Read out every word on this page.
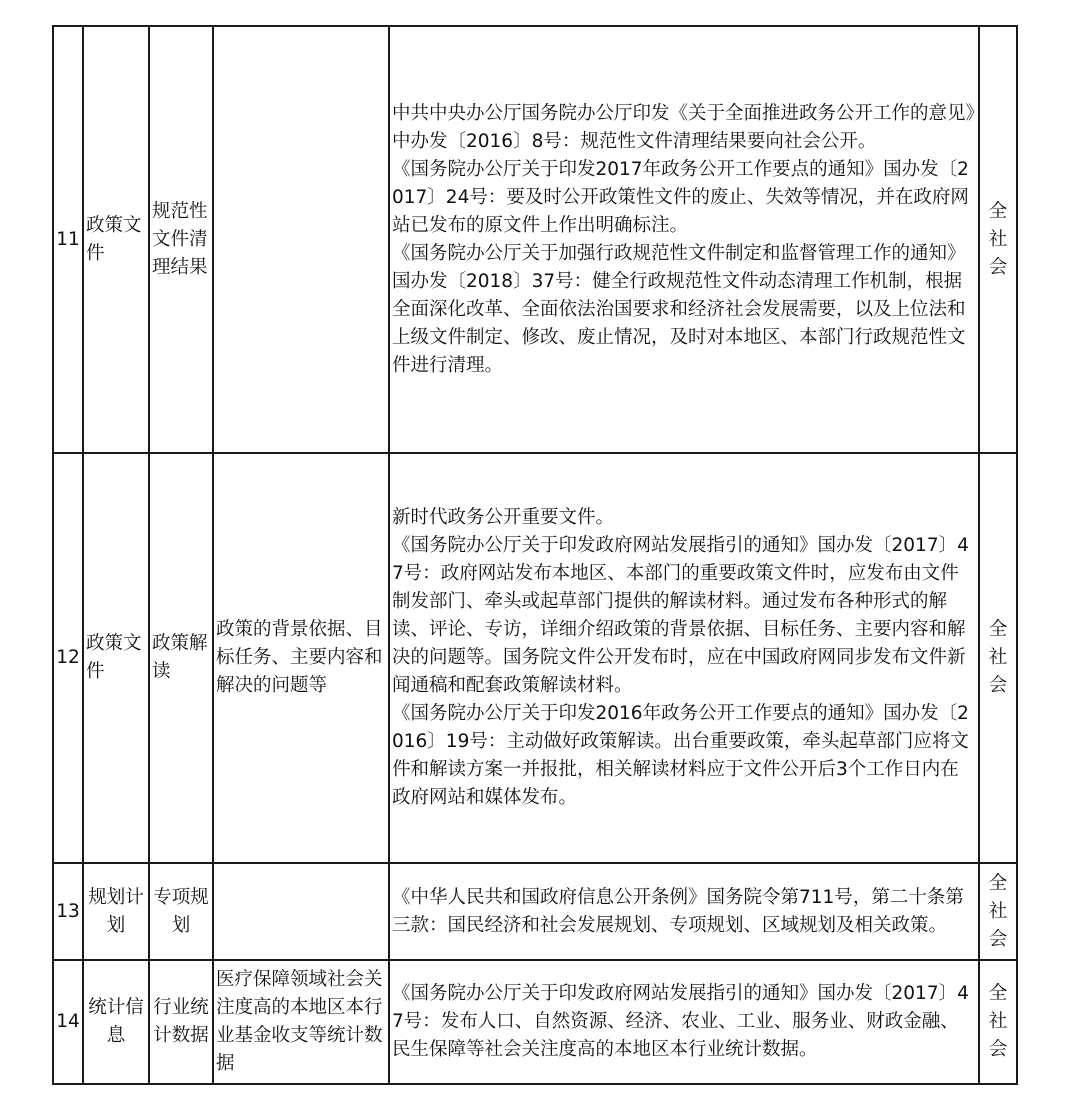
11	政策文件	规范性文件清理结果		中共中央办公厅国务院办公厅印发《关于全面推进政务公开工作的意见》中办发〔2016〕8号：规范性文件清理结果要向社会公开。
《国务院办公厅关于印发2017年政务公开工作要点的通知》国办发〔2017〕24号：要及时公开政策性文件的废止、失效等情况，并在政府网站已发布的原文件上作出明确标注。
《国务院办公厅关于加强行政规范性文件制定和监督管理工作的通知》国办发〔2018〕37号：健全行政规范性文件动态清理工作机制，根据全面深化改革、全面依法治国要求和经济社会发展需要，以及上位法和上级文件制定、修改、废止情况，及时对本地区、本部门行政规范性文件进行清理。	全社会
12	政策文件	政策解读	政策的背景依据、目标任务、主要内容和解决的问题等	新时代政务公开重要文件。
《国务院办公厅关于印发政府网站发展指引的通知》国办发〔2017〕47号：政府网站发布本地区、本部门的重要政策文件时，应发布由文件制发部门、牵头或起草部门提供的解读材料。通过发布各种形式的解读、评论、专访，详细介绍政策的背景依据、目标任务、主要内容和解决的问题等。国务院文件公开发布时，应在中国政府网同步发布文件新闻通稿和配套政策解读材料。
《国务院办公厅关于印发2016年政务公开工作要点的通知》国办发〔2016〕19号：主动做好政策解读。出台重要政策，牵头起草部门应将文件和解读方案一并报批，相关解读材料应于文件公开后3个工作日内在政府网站和媒体发布。	全社会
13	规划计划	专项规划		《中华人民共和国政府信息公开条例》国务院令第711号，第二十条第三款：国民经济和社会发展规划、专项规划、区域规划及相关政策。	全社会
14	统计信息	行业统计数据	医疗保障领域社会关注度高的本地区本行业基金收支等统计数据	《国务院办公厅关于印发政府网站发展指引的通知》国办发〔2017〕47号：发布人口、自然资源、经济、农业、工业、服务业、财政金融、民生保障等社会关注度高的本地区本行业统计数据。	全社会
